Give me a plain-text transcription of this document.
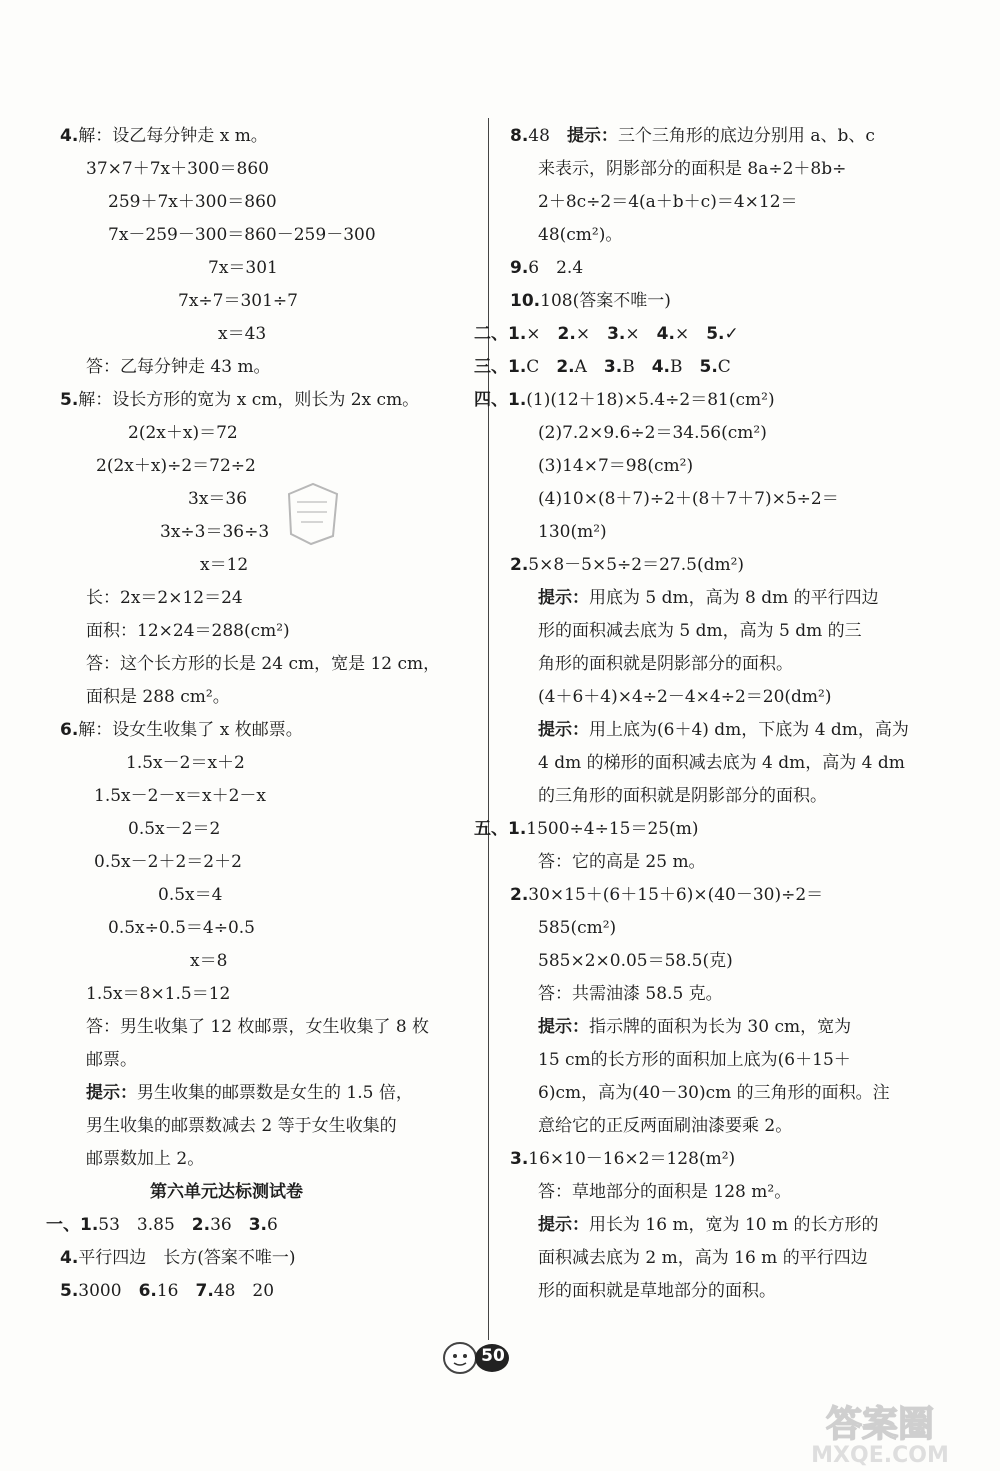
4.解：设乙每分钟走 x m。
37×7＋7x＋300＝860
259＋7x＋300＝860
7x－259－300＝860－259－300
7x＝301
7x÷7＝301÷7
x＝43
答：乙每分钟走 43 m。
5.解：设长方形的宽为 x cm，则长为 2x cm。
2(2x＋x)＝72
2(2x＋x)÷2＝72÷2
3x＝36
3x÷3＝36÷3
x＝12
长：2x＝2×12＝24
面积：12×24＝288(cm²)
答：这个长方形的长是 24 cm，宽是 12 cm，
面积是 288 cm²。
6.解：设女生收集了 x 枚邮票。
1.5x－2＝x＋2
1.5x－2－x＝x＋2－x
0.5x－2＝2
0.5x－2＋2＝2＋2
0.5x＝4
0.5x÷0.5＝4÷0.5
x＝8
1.5x＝8×1.5＝12
答：男生收集了 12 枚邮票，女生收集了 8 枚
邮票。
提示：男生收集的邮票数是女生的 1.5 倍，
男生收集的邮票数减去 2 等于女生收集的
邮票数加上 2。
第六单元达标测试卷
一、1.53　3.85　2.36　3.6
4.平行四边　长方(答案不唯一)
5.3000　6.16　7.48　20
8.48　提示：三个三角形的底边分别用 a、b、c
来表示，阴影部分的面积是 8a÷2＋8b÷
2＋8c÷2＝4(a＋b＋c)＝4×12＝
48(cm²)。
9.6　2.4
10.108(答案不唯一)
二、1.×　2.×　3.×　4.×　5.✓
三、1.C　2.A　3.B　4.B　5.C
四、1.(1)(12＋18)×5.4÷2＝81(cm²)
(2)7.2×9.6÷2＝34.56(cm²)
(3)14×7＝98(cm²)
(4)10×(8＋7)÷2＋(8＋7＋7)×5÷2＝
130(m²)
2.5×8－5×5÷2＝27.5(dm²)
提示：用底为 5 dm，高为 8 dm 的平行四边
形的面积减去底为 5 dm，高为 5 dm 的三
角形的面积就是阴影部分的面积。
(4＋6＋4)×4÷2－4×4÷2＝20(dm²)
提示：用上底为(6＋4) dm，下底为 4 dm，高为
4 dm 的梯形的面积减去底为 4 dm，高为 4 dm
的三角形的面积就是阴影部分的面积。
五、1.1500÷4÷15＝25(m)
答：它的高是 25 m。
2.30×15＋(6＋15＋6)×(40－30)÷2＝
585(cm²)
585×2×0.05＝58.5(克)
答：共需油漆 58.5 克。
提示：指示牌的面积为长为 30 cm，宽为
15 cm的长方形的面积加上底为(6＋15＋
6)cm，高为(40－30)cm 的三角形的面积。注
意给它的正反两面刷油漆要乘 2。
3.16×10－16×2＝128(m²)
答：草地部分的面积是 128 m²。
提示：用长为 16 m，宽为 10 m 的长方形的
面积减去底为 2 m，高为 16 m 的平行四边
形的面积就是草地部分的面积。
50
答案圈
MXQE.COM
